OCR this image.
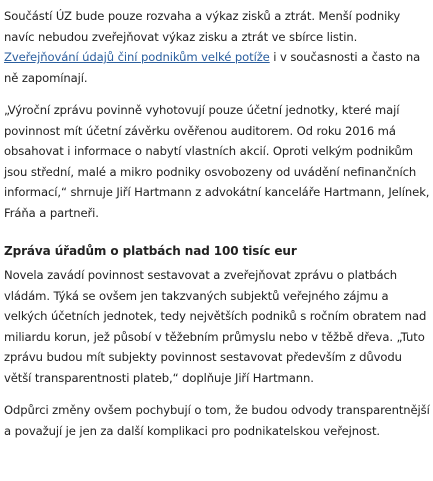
Součástí ÚZ bude pouze rozvaha a výkaz zisků a ztrát. Menší podniky navíc nebudou zveřejňovat výkaz zisku a ztrát ve sbírce listin. Zveřejňování údajů činí podnikům velké potíže i v současnosti a často na ně zapomínají.

„Výroční zprávu povinně vyhotovují pouze účetní jednotky, které mají povinnost mít účetní závěrku ověřenou auditorem. Od roku 2016 má obsahovat i informace o nabytí vlastních akcií. Oproti velkým podnikům jsou střední, malé a mikro podniky osvobozeny od uvádění nefinančních informací,“ shrnuje Jiří Hartmann z advokátní kanceláře Hartmann, Jelínek, Fráňa a partneři.

Zpráva úřadům o platbách nad 100 tisíc eur

Novela zavádí povinnost sestavovat a zveřejňovat zprávu o platbách vládám. Týká se ovšem jen takzvaných subjektů veřejného zájmu a velkých účetních jednotek, tedy největších podniků s ročním obratem nad miliardu korun, jež působí v těžebním průmyslu nebo v těžbě dřeva. „Tuto zprávu budou mít subjekty povinnost sestavovat především z důvodu větší transparentnosti plateb,“ doplňuje Jiří Hartmann.

Odpůrci změny ovšem pochybují o tom, že budou odvody transparentnější a považují je jen za další komplikaci pro podnikatelskou veřejnost.
